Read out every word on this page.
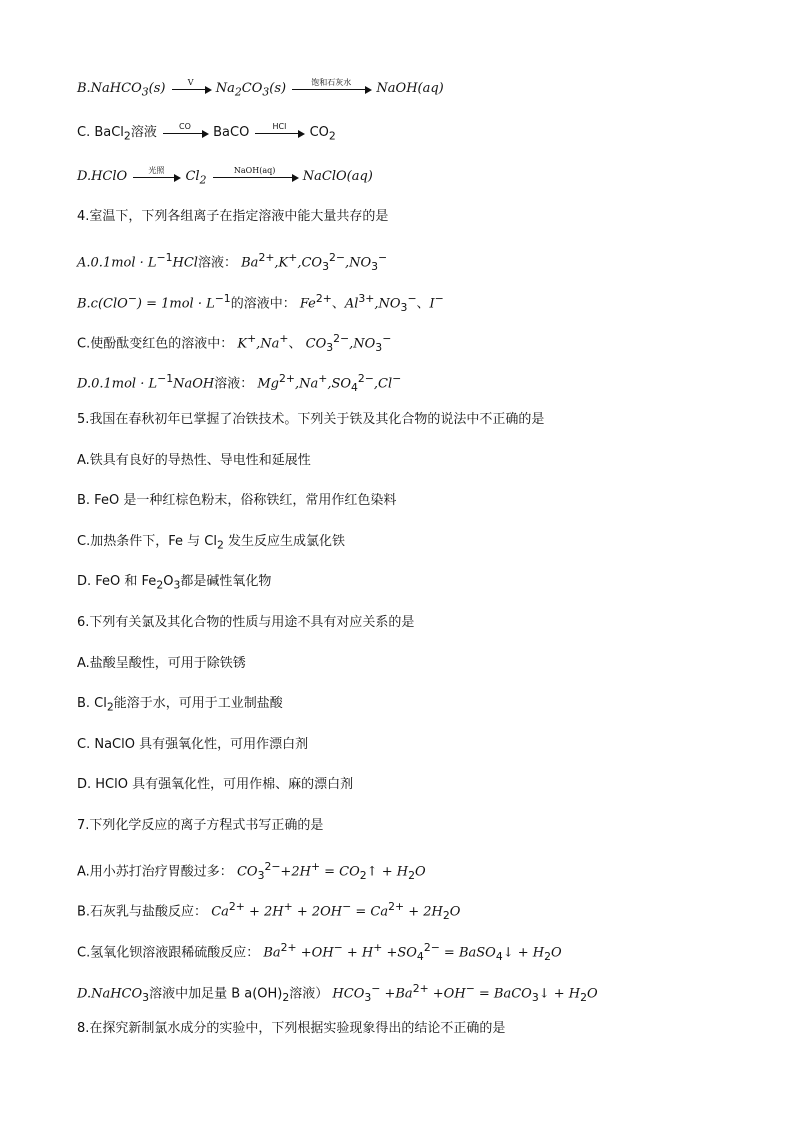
B.NaHCO$_3$(s)	V	$Na_2CO_3(s)$	饱和石灰水	NaOH(aq)
C. BaCl$_2$溶液	CO	BaCO	HCl	$CO_2$
D.HClO	光照	$Cl_2$
NaOH(aq)	NaClO(aq)
4.室温下，下列各组离子在指定溶液中能大量共存的是
$A.0.1mol \cdot L^{-1}HCl$溶液： $Ba^{2+},K^+,CO_3^{2-},NO_3^-$
$B.c(ClO^-) = 1mol \cdot L^{-1}$的溶液中： $Fe^{2+}$、$Al^{3+},NO_3^-$、I−
C.使酚酞变红色的溶液中： K+,Na+、 $CO_3^{2-},NO_3^-$
$D.0.1mol \cdot L^{-1}NaOH$溶液： $Mg^{2+},Na^+,SO_4^{2-},Cl^-$
5.我国在春秋初年已掌握了冶铁技术。下列关于铁及其化合物的说法中不正确的是
A.铁具有良好的导热性、导电性和延展性
B. FeO 是一种红棕色粉末，俗称铁红，常用作红色染料
C.加热条件下，Fe 与 $Cl_2$ 发生反应生成氯化铁
D. FeO 和 $Fe_2O_3$都是碱性氧化物
6.下列有关氯及其化合物的性质与用途不具有对应关系的是
A.盐酸呈酸性，可用于除铁锈
B. $Cl_2$能溶于水，可用于工业制盐酸
C. NaClO 具有强氧化性，可用作漂白剂
D. HClO 具有强氧化性，可用作棉、麻的漂白剂
7.下列化学反应的离子方程式书写正确的是
A.用小苏打治疗胃酸过多： $CO_3^{2-}+2H^+$ = $CO_2↑ + H_2O$
B.石灰乳与盐酸反应： $Ca^{2+} + 2H^+ + 2OH^- = Ca^{2+} + 2H_2O$
C.氢氧化钡溶液跟稀硫酸反应： $Ba^{2+} +OH^- + H^+ +SO_4^{2-}$ = BaSO$_4$↓ + $H_2O$
D.NaHCO$_3$溶液中加足量 B $a(OH)_2$溶液） $HCO_3^- +Ba^{2+} +OH^-$ = BaCO$_3$↓ + $H_2O$
8.在探究新制氯水成分的实验中，下列根据实验现象得出的结论不正确的是
